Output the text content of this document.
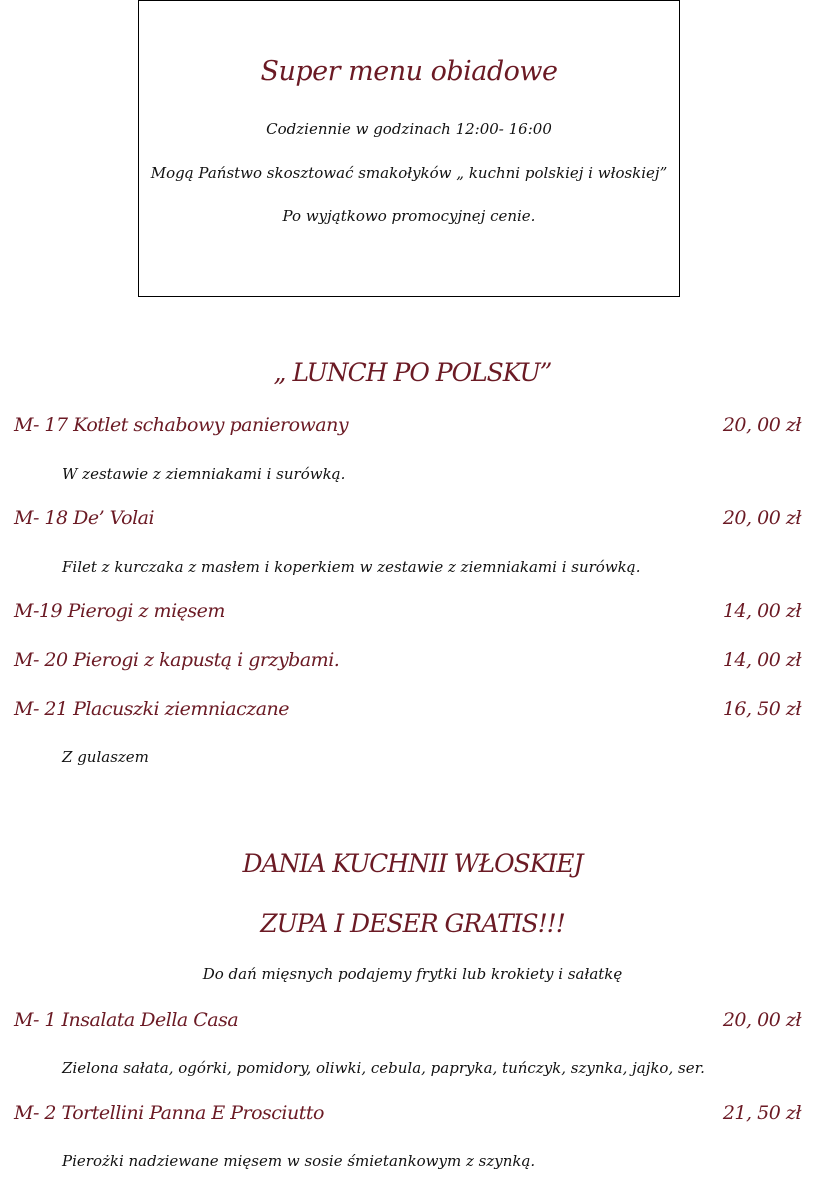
Super menu obiadowe
Codziennie w godzinach 12:00- 16:00
Mogą Państwo skosztować smakołyków „ kuchni polskiej i włoskiej”
Po wyjątkowo promocyjnej cenie.
„ LUNCH PO POLSKU”
M- 17 Kotlet schabowy panierowany	20, 00 zł
W zestawie z ziemniakami i surówką.
M- 18 De’ Volai	20, 00 zł
Filet z kurczaka z masłem i koperkiem w zestawie z ziemniakami i surówką.
M-19 Pierogi z mięsem	14, 00 zł
M- 20 Pierogi z kapustą i grzybami.	14, 00 zł
M- 21 Placuszki ziemniaczane	16, 50 zł
Z gulaszem
DANIA KUCHNII WŁOSKIEJ
ZUPA I DESER GRATIS!!!
Do dań mięsnych podajemy frytki lub krokiety i sałatkę
M- 1 Insalata Della Casa	20, 00 zł
Zielona sałata, ogórki, pomidory, oliwki, cebula, papryka, tuńczyk, szynka, jajko, ser.
M- 2 Tortellini Panna E Prosciutto	21, 50 zł
Pierożki nadziewane mięsem w sosie śmietankowym z szynką.
